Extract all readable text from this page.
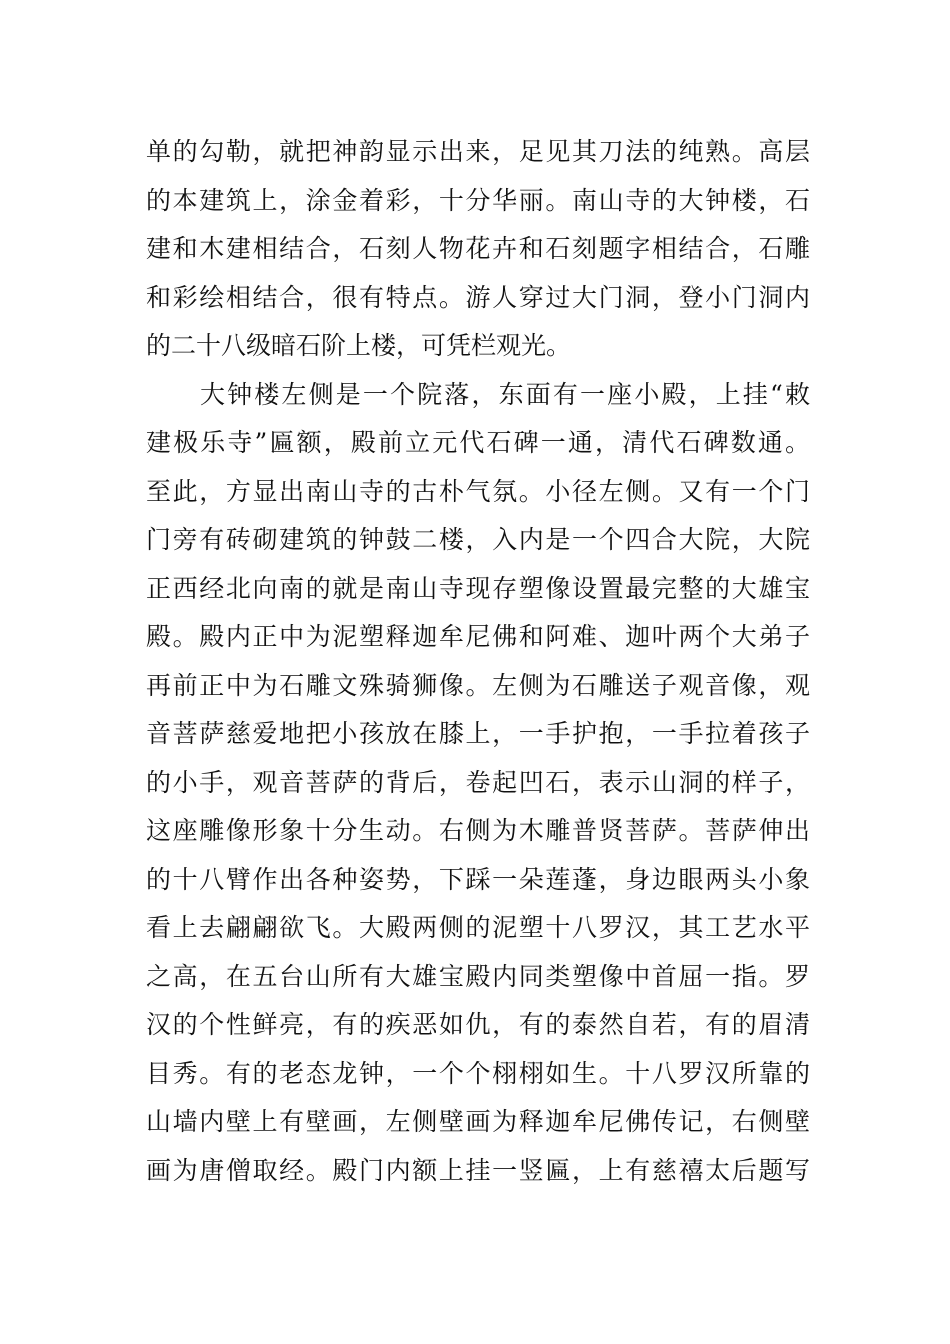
单的勾勒，就把神韵显示出来，足见其刀法的纯熟。高层
的本建筑上，涂金着彩，十分华丽。南山寺的大钟楼，石
建和木建相结合，石刻人物花卉和石刻题字相结合，石雕
和彩绘相结合，很有特点。游人穿过大门洞，登小门洞内
的二十八级暗石阶上楼，可凭栏观光。
大钟楼左侧是一个院落，东面有一座小殿，上挂“敕
建极乐寺”匾额，殿前立元代石碑一通，清代石碑数通。
至此，方显出南山寺的古朴气氛。小径左侧。又有一个门
门旁有砖砌建筑的钟鼓二楼，入内是一个四合大院，大院
正西经北向南的就是南山寺现存塑像设置最完整的大雄宝
殿。殿内正中为泥塑释迦牟尼佛和阿难、迦叶两个大弟子
再前正中为石雕文殊骑狮像。左侧为石雕送子观音像，观
音菩萨慈爱地把小孩放在膝上，一手护抱，一手拉着孩子
的小手，观音菩萨的背后，卷起凹石，表示山洞的样子，
这座雕像形象十分生动。右侧为木雕普贤菩萨。菩萨伸出
的十八臂作出各种姿势，下踩一朵莲蓬，身边眼两头小象
看上去翩翩欲飞。大殿两侧的泥塑十八罗汉，其工艺水平
之高，在五台山所有大雄宝殿内同类塑像中首屈一指。罗
汉的个性鲜亮，有的疾恶如仇，有的泰然自若，有的眉清
目秀。有的老态龙钟，一个个栩栩如生。十八罗汉所靠的
山墙内壁上有壁画，左侧壁画为释迦牟尼佛传记，右侧壁
画为唐僧取经。殿门内额上挂一竖匾，上有慈禧太后题写
